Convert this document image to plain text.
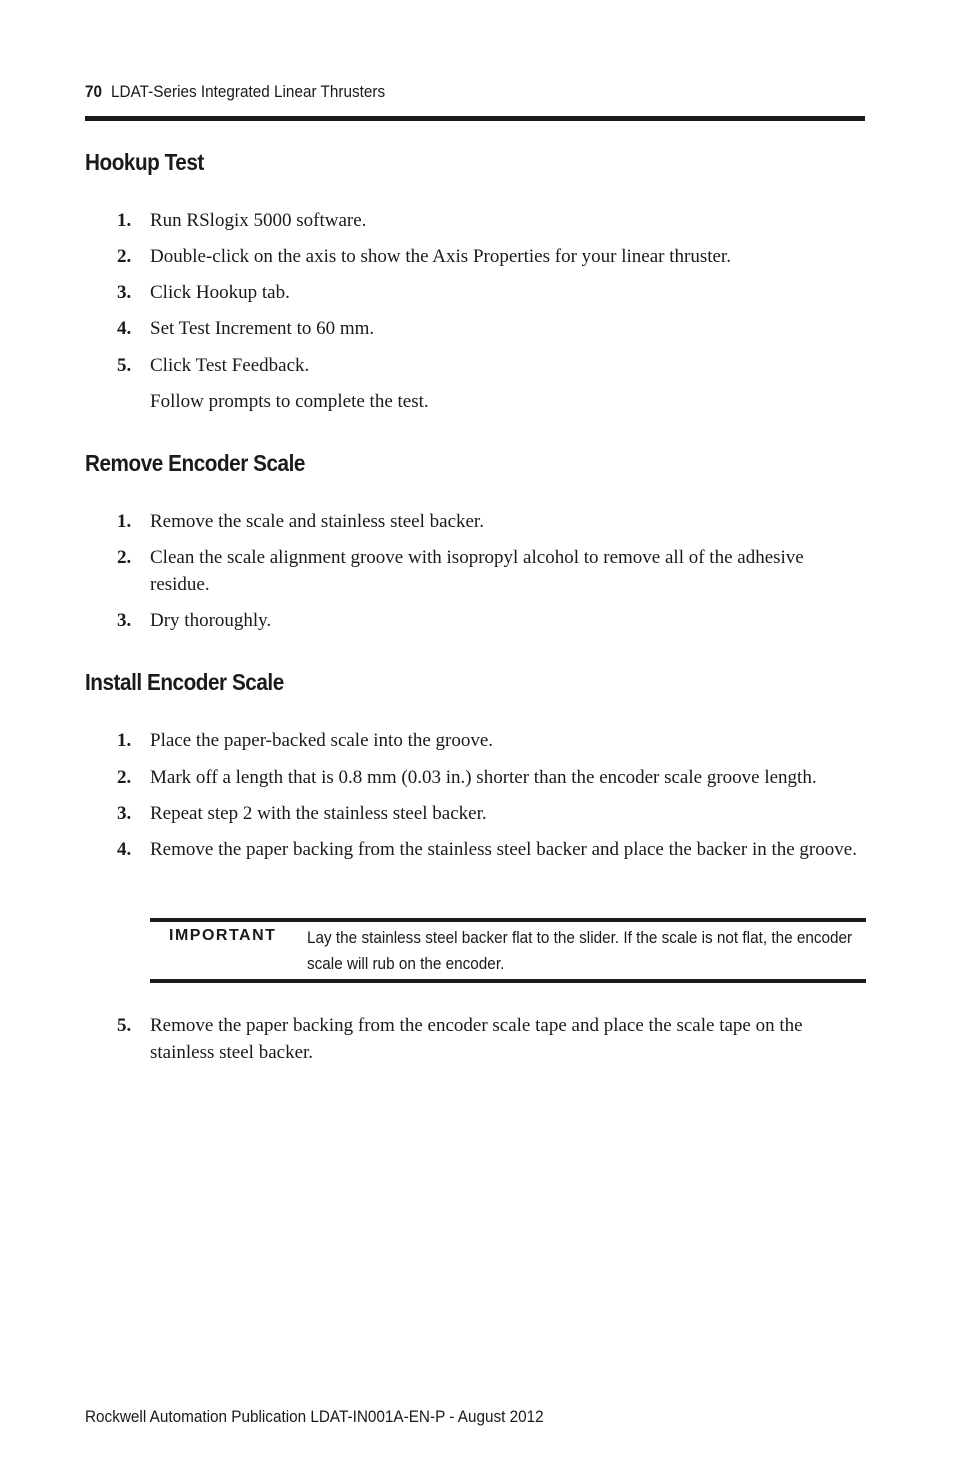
70 LDAT-Series Integrated Linear Thrusters
Hookup Test
1. Run RSlogix 5000 software.
2. Double-click on the axis to show the Axis Properties for your linear thruster.
3. Click Hookup tab.
4. Set Test Increment to 60 mm.
5. Click Test Feedback.
Follow prompts to complete the test.
Remove Encoder Scale
1. Remove the scale and stainless steel backer.
2. Clean the scale alignment groove with isopropyl alcohol to remove all of the adhesive residue.
3. Dry thoroughly.
Install Encoder Scale
1. Place the paper-backed scale into the groove.
2. Mark off a length that is 0.8 mm (0.03 in.) shorter than the encoder scale groove length.
3. Repeat step 2 with the stainless steel backer.
4. Remove the paper backing from the stainless steel backer and place the backer in the groove.
IMPORTANT Lay the stainless steel backer flat to the slider. If the scale is not flat, the encoder scale will rub on the encoder.
5. Remove the paper backing from the encoder scale tape and place the scale tape on the stainless steel backer.
Rockwell Automation Publication LDAT-IN001A-EN-P - August 2012
